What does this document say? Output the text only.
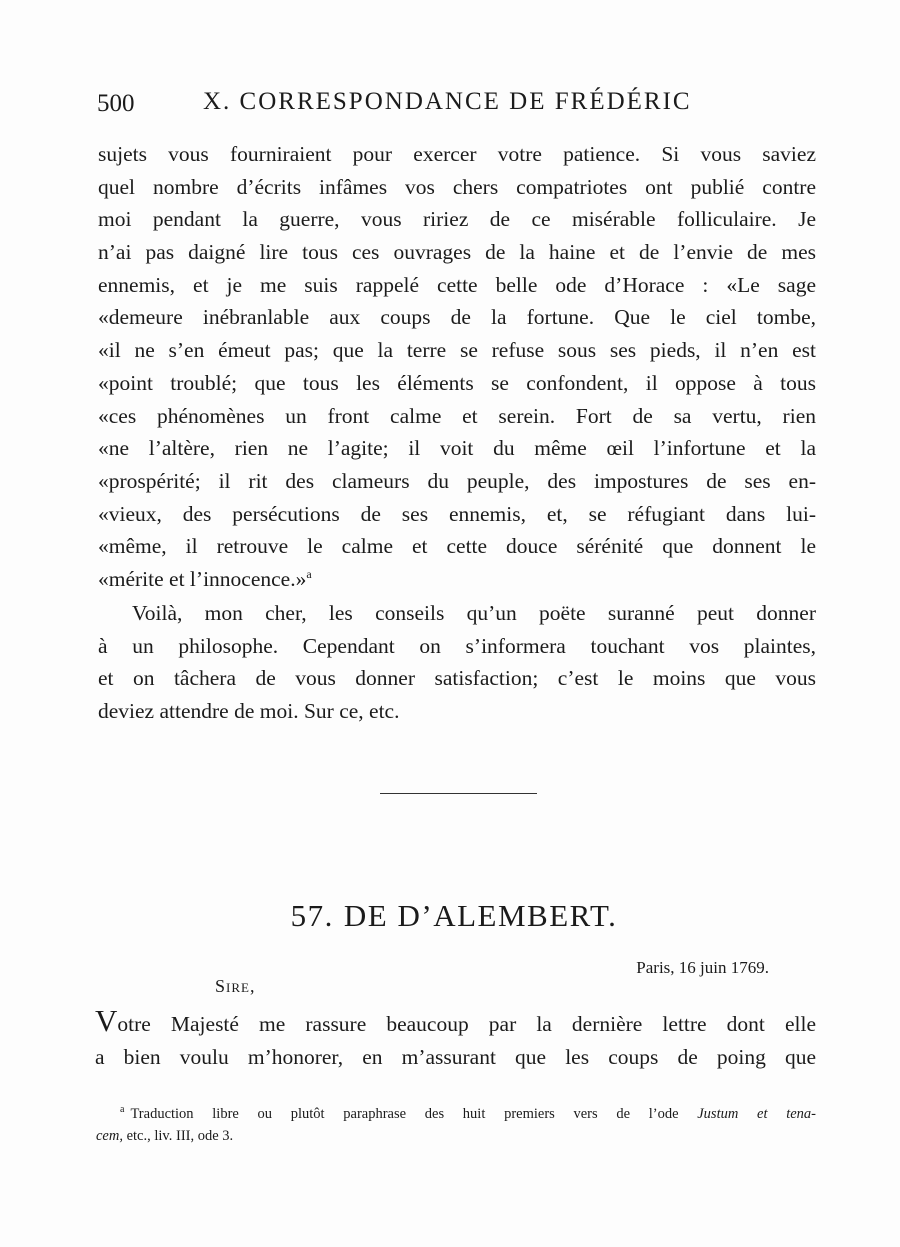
500	X. CORRESPONDANCE DE FRÉDÉRIC
sujets vous fourniraient pour exercer votre patience. Si vous saviez
quel nombre d’écrits infâmes vos chers compatriotes ont publié contre
moi pendant la guerre, vous ririez de ce misérable folliculaire. Je
n’ai pas daigné lire tous ces ouvrages de la haine et de l’envie de mes
ennemis, et je me suis rappelé cette belle ode d’Horace : «Le sage
«demeure inébranlable aux coups de la fortune. Que le ciel tombe,
«il ne s’en émeut pas; que la terre se refuse sous ses pieds, il n’en est
«point troublé; que tous les éléments se confondent, il oppose à tous
«ces phénomènes un front calme et serein. Fort de sa vertu, rien
«ne l’altère, rien ne l’agite; il voit du même œil l’infortune et la
«prospérité; il rit des clameurs du peuple, des impostures de ses en-
«vieux, des persécutions de ses ennemis, et, se réfugiant dans lui-
«même, il retrouve le calme et cette douce sérénité que donnent le
«mérite et l’innocence.»$^a$
Voilà, mon cher, les conseils qu’un poëte suranné peut donner
à un philosophe. Cependant on s’informera touchant vos plaintes,
et on tâchera de vous donner satisfaction; c’est le moins que vous
deviez attendre de moi. Sur ce, etc.
57. DE D’ALEMBERT.
Paris, 16 juin 1769.
Sire,
Votre Majesté me rassure beaucoup par la dernière lettre dont elle
a bien voulu m’honorer, en m’assurant que les coups de poing que
$^a$ Traduction libre ou plutôt paraphrase des huit premiers vers de l’ode Justum et tena-
cem, etc., liv. III, ode 3.
